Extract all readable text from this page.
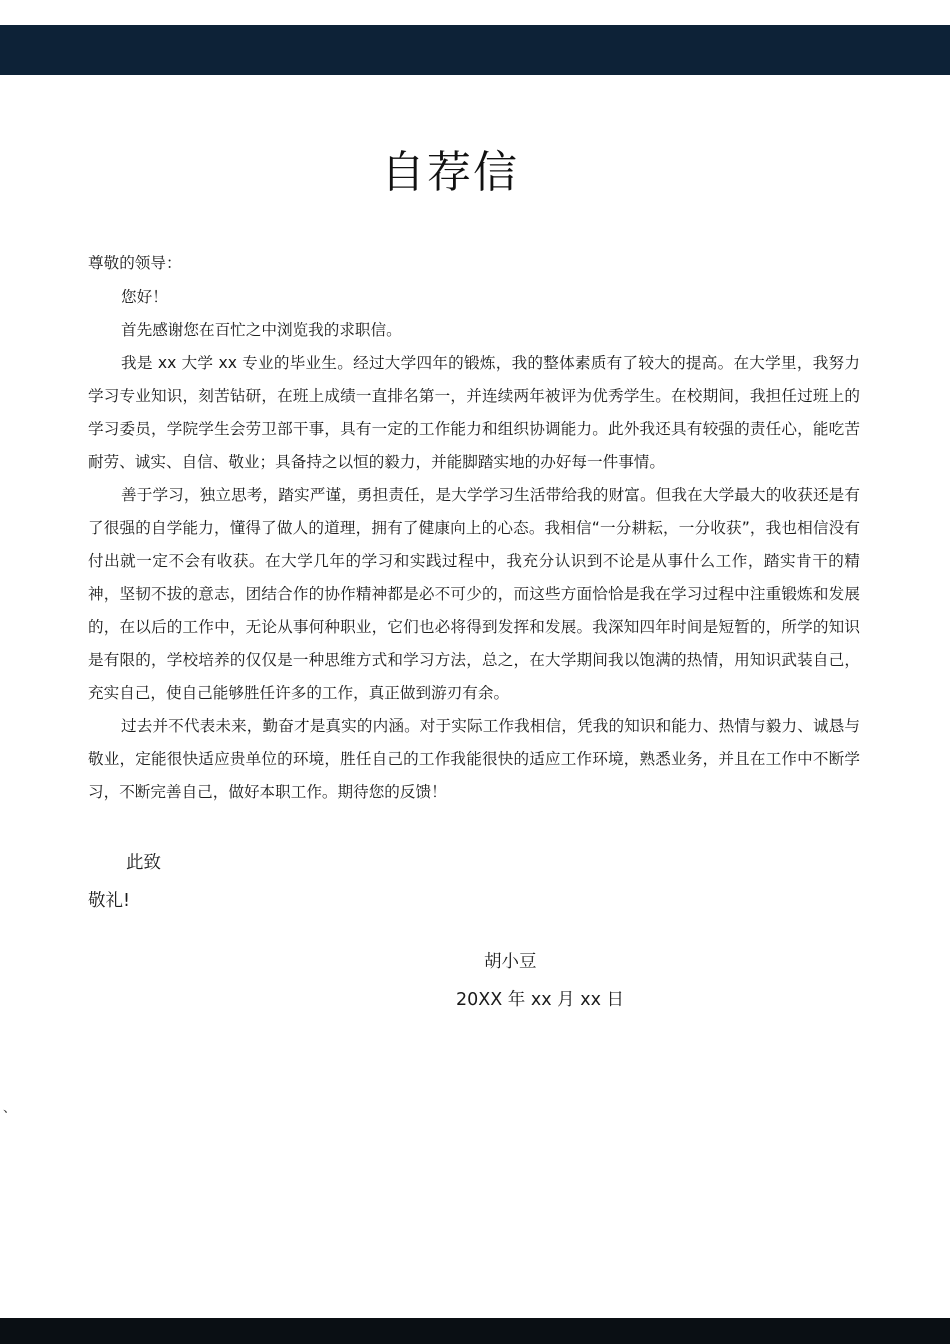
自荐信
尊敬的领导：
您好！
首先感谢您在百忙之中浏览我的求职信。
我是 xx 大学 xx 专业的毕业生。经过大学四年的锻炼，我的整体素质有了较大的提高。在大学里，我努力学习专业知识，刻苦钻研，在班上成绩一直排名第一，并连续两年被评为优秀学生。在校期间，我担任过班上的学习委员，学院学生会劳卫部干事，具有一定的工作能力和组织协调能力。此外我还具有较强的责任心，能吃苦耐劳、诚实、自信、敬业；具备持之以恒的毅力，并能脚踏实地的办好每一件事情。
善于学习，独立思考，踏实严谨，勇担责任，是大学学习生活带给我的财富。但我在大学最大的收获还是有了很强的自学能力，懂得了做人的道理，拥有了健康向上的心态。我相信“一分耕耘，一分收获”，我也相信没有付出就一定不会有收获。在大学几年的学习和实践过程中，我充分认识到不论是从事什么工作，踏实肯干的精神，坚韧不拔的意志，团结合作的协作精神都是必不可少的，而这些方面恰恰是我在学习过程中注重锻炼和发展的，在以后的工作中，无论从事何种职业，它们也必将得到发挥和发展。我深知四年时间是短暂的，所学的知识是有限的，学校培养的仅仅是一种思维方式和学习方法，总之，在大学期间我以饱满的热情，用知识武装自己，充实自己，使自己能够胜任许多的工作，真正做到游刃有余。
过去并不代表未来，勤奋才是真实的内涵。对于实际工作我相信，凭我的知识和能力、热情与毅力、诚恳与敬业，定能很快适应贵单位的环境，胜任自己的工作我能很快的适应工作环境，熟悉业务，并且在工作中不断学习，不断完善自己，做好本职工作。期待您的反馈！
此致
敬礼!
胡小豆
20XX 年 xx 月 xx 日
、
